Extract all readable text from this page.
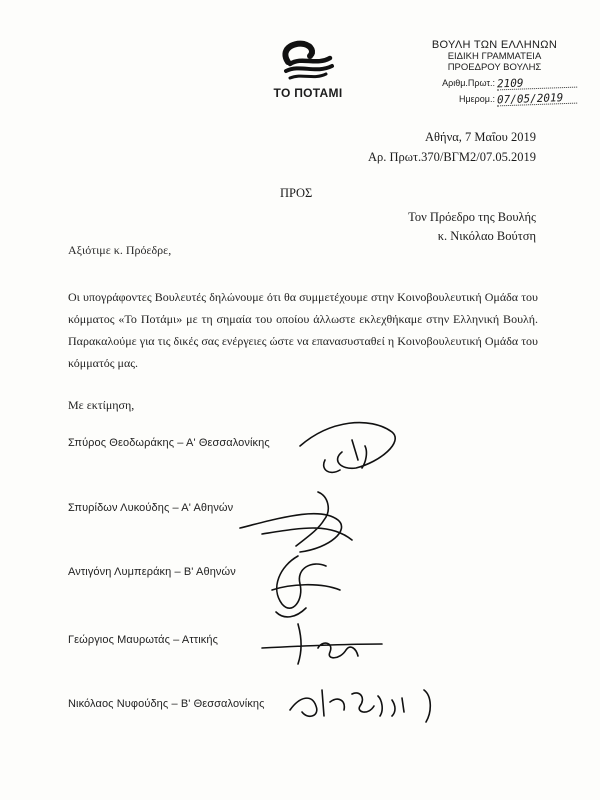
ΤΟ ΠΟΤΑΜΙ
ΒΟΥΛΗ ΤΩΝ ΕΛΛΗΝΩΝ
ΕΙΔΙΚΗ ΓΡΑΜΜΑΤΕΙΑ
ΠΡΟΕΔΡΟΥ ΒΟΥΛΗΣ
Αριθμ.Πρωτ.: 2109
Ημερομ.: 07/05/2019
Αθήνα, 7 Μαΐου 2019
Αρ. Πρωτ.370/ΒΓΜ2/07.05.2019
ΠΡΟΣ
Τον Πρόεδρο της Βουλής
κ. Νικόλαο Βούτση
Αξιότιμε κ. Πρόεδρε,
Οι υπογράφοντες Βουλευτές δηλώνουμε ότι θα συμμετέχουμε στην Κοινοβουλευτική Ομάδα του κόμματος «Το Ποτάμι» με τη σημαία του οποίου άλλωστε εκλεχθήκαμε στην Ελληνική Βουλή. Παρακαλούμε για τις δικές σας ενέργειες ώστε να επανασυσταθεί η Κοινοβουλευτική Ομάδα του κόμματός μας.
Με εκτίμηση,
Σπύρος Θεοδωράκης – Α' Θεσσαλονίκης
Σπυρίδων Λυκούδης – Α' Αθηνών
Αντιγόνη Λυμπεράκη – Β' Αθηνών
Γεώργιος Μαυρωτάς – Αττικής
Νικόλαος Νυφούδης – Β' Θεσσαλονίκης
